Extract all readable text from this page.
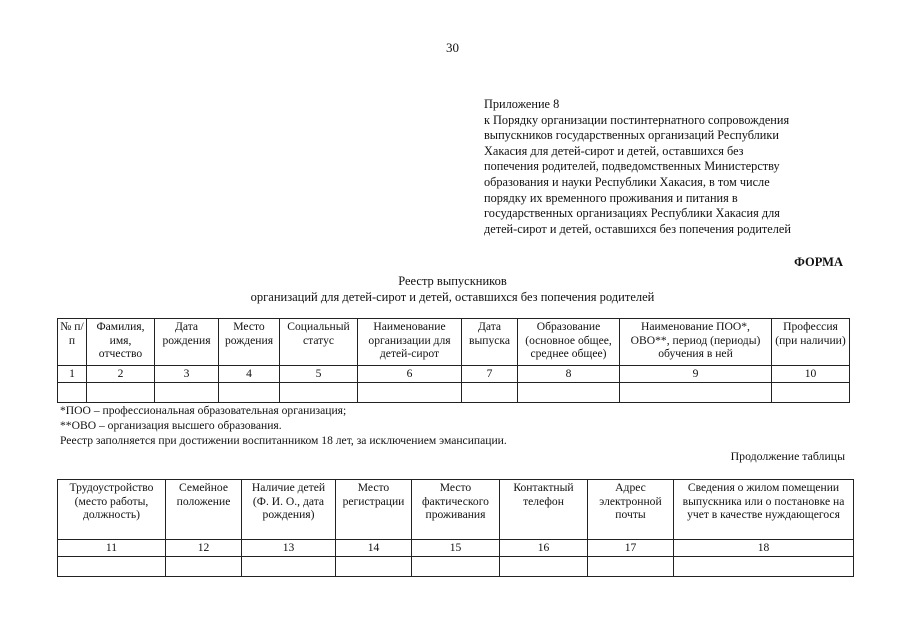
30
Приложение 8
к Порядку организации постинтернатного сопровождения
выпускников государственных организаций Республики
Хакасия для детей-сирот и детей, оставшихся без
попечения родителей, подведомственных Министерству
образования и науки Республики Хакасия, в том числе
порядку их временного проживания и питания в
государственных организациях Республики Хакасия для
детей-сирот и детей, оставшихся без попечения родителей
ФОРМА
Реестр выпускников
организаций для детей-сирот и детей, оставшихся без попечения родителей
№ п/п	Фамилия, имя, отчество	Дата рождения	Место рождения	Социальный статус	Наименование организации для детей-сирот	Дата выпуска	Образование (основное общее, среднее общее)	Наименование ПОО*, ОВО**, период (периоды) обучения в ней	Профессия (при наличии)
1	2	3	4	5	6	7	8	9	10

*ПОО – профессиональная образовательная организация;
**ОВО – организация высшего образования.
Реестр заполняется при достижении воспитанником 18 лет, за исключением эмансипации.
Продолжение таблицы
Трудоустройство (место работы, должность)	Семейное положение	Наличие детей (Ф. И. О., дата рождения)	Место регистрации	Место фактического проживания	Контактный телефон	Адрес электронной почты	Сведения о жилом помещении выпускника или о постановке на учет в качестве нуждающегося
11	12	13	14	15	16	17	18
